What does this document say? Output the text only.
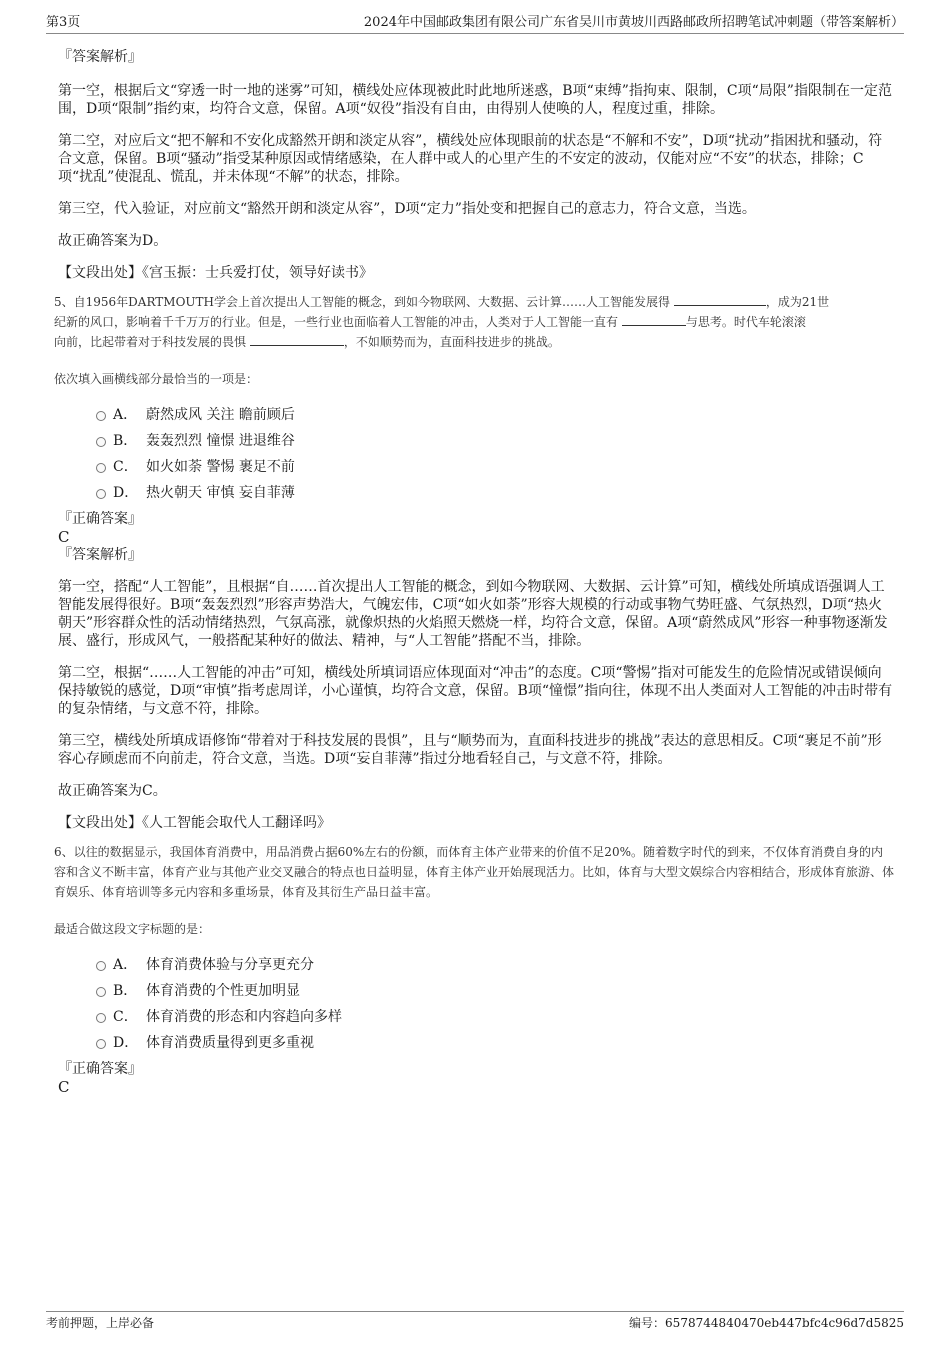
第3页	2024年中国邮政集团有限公司广东省吴川市黄坡川西路邮政所招聘笔试冲刺题（带答案解析）

『答案解析』

第一空，根据后文“穿透一时一地的迷雾”可知，横线处应体现被此时此地所迷惑，B项“束缚”指拘束、限制，C项“局限”指限制在一定范围，D项“限制”指约束，均符合文意，保留。A项“奴役”指没有自由，由得别人使唤的人，程度过重，排除。

第二空，对应后文“把不解和不安化成豁然开朗和淡定从容”，横线处应体现眼前的状态是“不解和不安”，D项“扰动”指困扰和骚动，符合文意，保留。B项“骚动”指受某种原因或情绪感染，在人群中或人的心里产生的不安定的波动，仅能对应“不安”的状态，排除；C项“扰乱”使混乱、慌乱，并未体现“不解”的状态，排除。

第三空，代入验证，对应前文“豁然开朗和淡定从容”，D项“定力”指处变和把握自己的意志力，符合文意，当选。

故正确答案为D。

【文段出处】《宫玉振：士兵爱打仗，领导好读书》

5、自1956年DARTMOUTH学会上首次提出人工智能的概念，到如今物联网、大数据、云计算……人工智能发展得	，成为21世
纪新的风口，影响着千千万万的行业。但是，一些行业也面临着人工智能的冲击，人类对于人工智能一直有	与思考。时代车轮滚滚
向前，比起带着对于科技发展的畏惧	，不如顺势而为，直面科技进步的挑战。

依次填入画横线部分最恰当的一项是：

A． 蔚然成风 关注 瞻前顾后
B． 轰轰烈烈 憧憬 进退维谷
C． 如火如荼 警惕 裹足不前
D． 热火朝天 审慎 妄自菲薄

『正确答案』

C

『答案解析』

第一空，搭配“人工智能”，且根据“自……首次提出人工智能的概念，到如今物联网、大数据、云计算”可知，横线处所填成语强调人工智能发展得很好。B项“轰轰烈烈”形容声势浩大，气魄宏伟，C项“如火如荼”形容大规模的行动或事物气势旺盛、气氛热烈，D项“热火朝天”形容群众性的活动情绪热烈，气氛高涨，就像炽热的火焰照天燃烧一样，均符合文意，保留。A项“蔚然成风”形容一种事物逐渐发展、盛行，形成风气，一般搭配某种好的做法、精神，与“人工智能”搭配不当，排除。

第二空，根据“……人工智能的冲击”可知，横线处所填词语应体现面对“冲击”的态度。C项“警惕”指对可能发生的危险情况或错误倾向保持敏锐的感觉，D项“审慎”指考虑周详，小心谨慎，均符合文意，保留。B项“憧憬”指向往，体现不出人类面对人工智能的冲击时带有的复杂情绪，与文意不符，排除。

第三空，横线处所填成语修饰“带着对于科技发展的畏惧”，且与“顺势而为，直面科技进步的挑战”表达的意思相反。C项“裹足不前”形容心存顾虑而不向前走，符合文意，当选。D项“妄自菲薄”指过分地看轻自己，与文意不符，排除。

故正确答案为C。

【文段出处】《人工智能会取代人工翻译吗》

6、以往的数据显示，我国体育消费中，用品消费占据60%左右的份额，而体育主体产业带来的价值不足20%。随着数字时代的到来，不仅体育消费自身的内容和含义不断丰富，体育产业与其他产业交叉融合的特点也日益明显，体育主体产业开始展现活力。比如，体育与大型文娱综合内容相结合，形成体育旅游、体育娱乐、体育培训等多元内容和多重场景，体育及其衍生产品日益丰富。

最适合做这段文字标题的是：

A． 体育消费体验与分享更充分
B． 体育消费的个性更加明显
C． 体育消费的形态和内容趋向多样
D． 体育消费质量得到更多重视

『正确答案』

C

考前押题，上岸必备	编号：6578744840470eb447bfc4c96d7d5825
